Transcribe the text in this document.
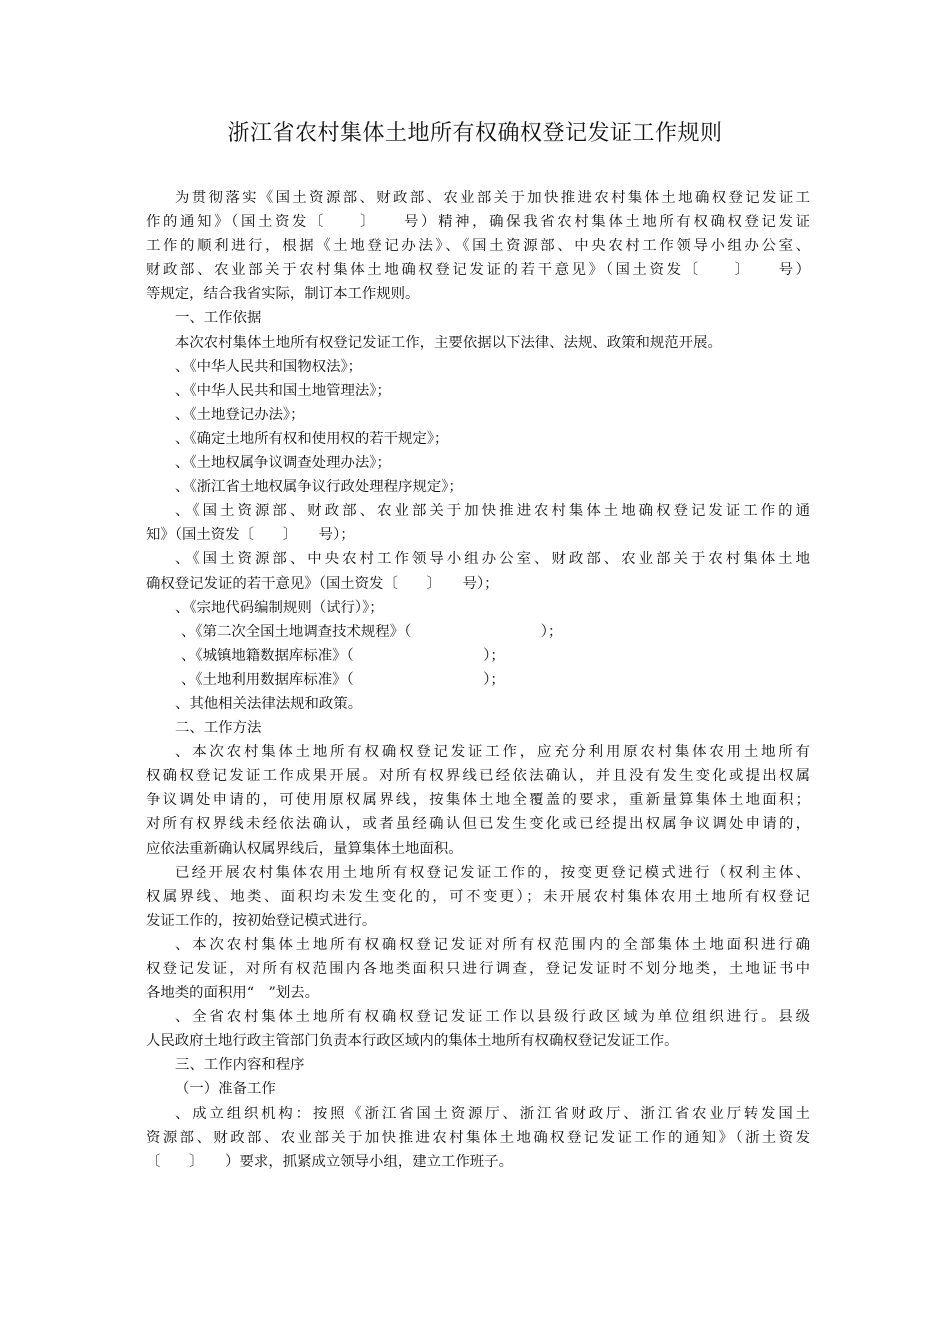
浙江省农村集体土地所有权确权登记发证工作规则

为贯彻落实《国土资源部、财政部、农业部关于加快推进农村集体土地确权登记发证工

作的通知》（国土资发〔　　〕　　号）精神，确保我省农村集体土地所有权确权登记发证

工作的顺利进行，根据《土地登记办法》、《国土资源部、中央农村工作领导小组办公室、

财政部、农业部关于农村集体土地确权登记发证的若干意见》（国土资发〔　　〕　　号）

等规定，结合我省实际，制订本工作规则。

一、工作依据

本次农村集体土地所有权登记发证工作，主要依据以下法律、法规、政策和规范开展。

、《中华人民共和国物权法》；

、《中华人民共和国土地管理法》；

、《土地登记办法》；

、《确定土地所有权和使用权的若干规定》；

、《土地权属争议调查处理办法》；

、《浙江省土地权属争议行政处理程序规定》；

、《国土资源部、财政部、农业部关于加快推进农村集体土地确权登记发证工作的通

知》（国土资发〔　　〕　　号）；

、《国土资源部、中央农村工作领导小组办公室、财政部、农业部关于农村集体土地

确权登记发证的若干意见》（国土资发〔　　〕　　号）；

、《宗地代码编制规则（试行）》；

、《第二次全国土地调查技术规程》（　　　　　　　　　）；

、《城镇地籍数据库标准》（　　　　　　　　　）；

、《土地利用数据库标准》（　　　　　　　　　）；

、其他相关法律法规和政策。

二、工作方法

、本次农村集体土地所有权确权登记发证工作，应充分利用原农村集体农用土地所有

权确权登记发证工作成果开展。对所有权界线已经依法确认，并且没有发生变化或提出权属

争议调处申请的，可使用原权属界线，按集体土地全覆盖的要求，重新量算集体土地面积；

对所有权界线未经依法确认，或者虽经确认但已发生变化或已经提出权属争议调处申请的，

应依法重新确认权属界线后，量算集体土地面积。

已经开展农村集体农用土地所有权登记发证工作的，按变更登记模式进行（权利主体、

权属界线、地类、面积均未发生变化的，可不变更）；未开展农村集体农用土地所有权登记

发证工作的，按初始登记模式进行。

、本次农村集体土地所有权确权登记发证对所有权范围内的全部集体土地面积进行确

权登记发证，对所有权范围内各地类面积只进行调查，登记发证时不划分地类，土地证书中

各地类的面积用“　”划去。

、全省农村集体土地所有权确权登记发证工作以县级行政区域为单位组织进行。县级

人民政府土地行政主管部门负责本行政区域内的集体土地所有权确权登记发证工作。

三、工作内容和程序

（一）准备工作

、成立组织机构：按照《浙江省国土资源厅、浙江省财政厅、浙江省农业厅转发国土

资源部、财政部、农业部关于加快推进农村集体土地确权登记发证工作的通知》（浙土资发

〔　　〕　　）要求，抓紧成立领导小组，建立工作班子。
